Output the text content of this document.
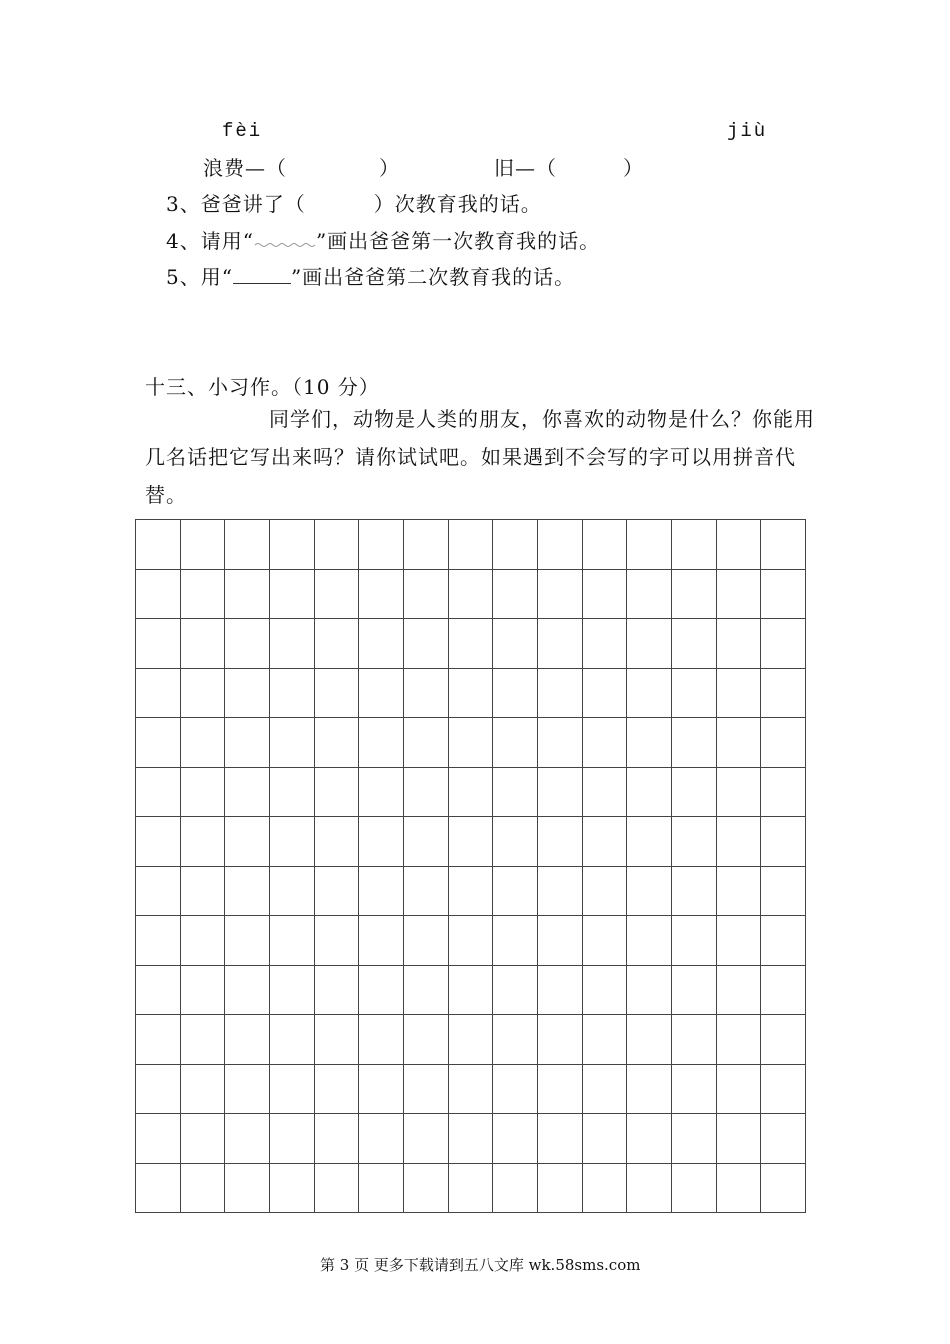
fèi	jiù
浪费—（	）	旧—（	）
3、爸爸讲了（	）次教育我的话。
4、请用“	”画出爸爸第一次教育我的话。
5、用“	”画出爸爸第二次教育我的话。
十三、小习作。（10 分）
同学们，动物是人类的朋友，你喜欢的动物是什么？你能用几名话把它写出来吗？请你试试吧。如果遇到不会写的字可以用拼音代替。
第 3 页 更多下载请到五八文库 wk.58sms.com
